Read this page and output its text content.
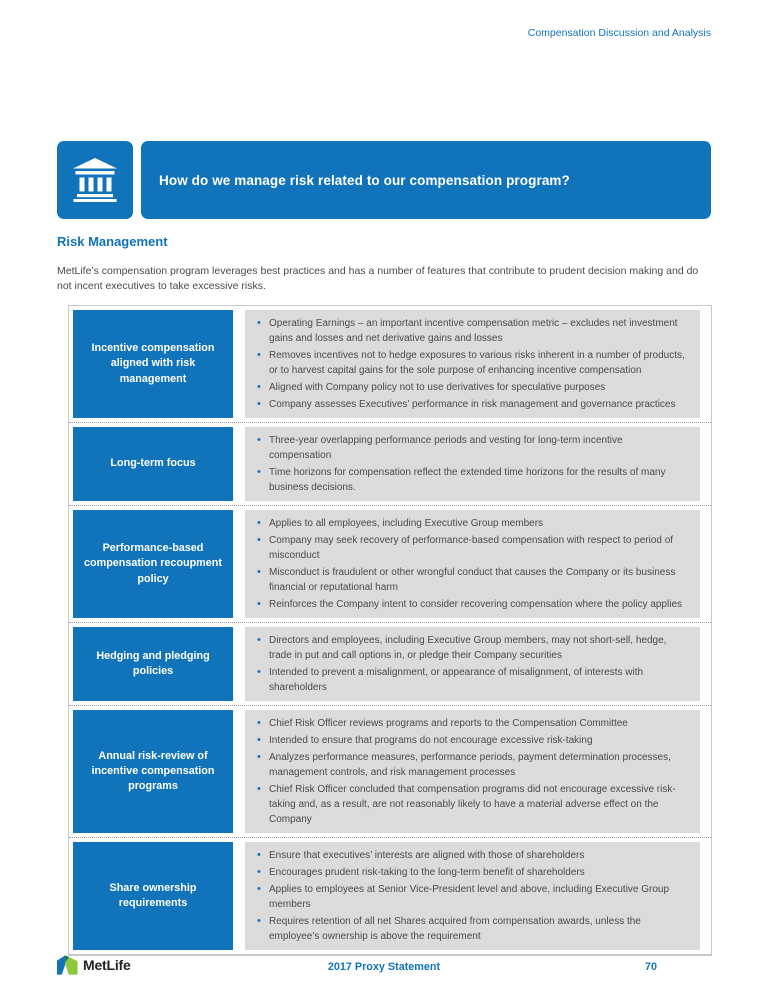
Compensation Discussion and Analysis
How do we manage risk related to our compensation program?
Risk Management

MetLife’s compensation program leverages best practices and has a number of features that contribute to prudent decision making and do not incent executives to take excessive risks.

Incentive compensation aligned with risk management
• Operating Earnings – an important incentive compensation metric – excludes net investment gains and losses and net derivative gains and losses
• Removes incentives not to hedge exposures to various risks inherent in a number of products, or to harvest capital gains for the sole purpose of enhancing incentive compensation
• Aligned with Company policy not to use derivatives for speculative purposes
• Company assesses Executives’ performance in risk management and governance practices
Long-term focus
• Three-year overlapping performance periods and vesting for long-term incentive compensation
• Time horizons for compensation reflect the extended time horizons for the results of many business decisions.
Performance-based compensation recoupment policy
• Applies to all employees, including Executive Group members
• Company may seek recovery of performance-based compensation with respect to period of misconduct
• Misconduct is fraudulent or other wrongful conduct that causes the Company or its business financial or reputational harm
• Reinforces the Company intent to consider recovering compensation where the policy applies
Hedging and pledging policies
• Directors and employees, including Executive Group members, may not short-sell, hedge, trade in put and call options in, or pledge their Company securities
• Intended to prevent a misalignment, or appearance of misalignment, of interests with shareholders
Annual risk-review of incentive compensation programs
• Chief Risk Officer reviews programs and reports to the Compensation Committee
• Intended to ensure that programs do not encourage excessive risk-taking
• Analyzes performance measures, performance periods, payment determination processes, management controls, and risk management processes
• Chief Risk Officer concluded that compensation programs did not encourage excessive risk-taking and, as a result, are not reasonably likely to have a material adverse effect on the Company
Share ownership requirements
• Ensure that executives’ interests are aligned with those of shareholders
• Encourages prudent risk-taking to the long-term benefit of shareholders
• Applies to employees at Senior Vice-President level and above, including Executive Group members
• Requires retention of all net Shares acquired from compensation awards, unless the employee’s ownership is above the requirement
MetLife	2017 Proxy Statement	70
